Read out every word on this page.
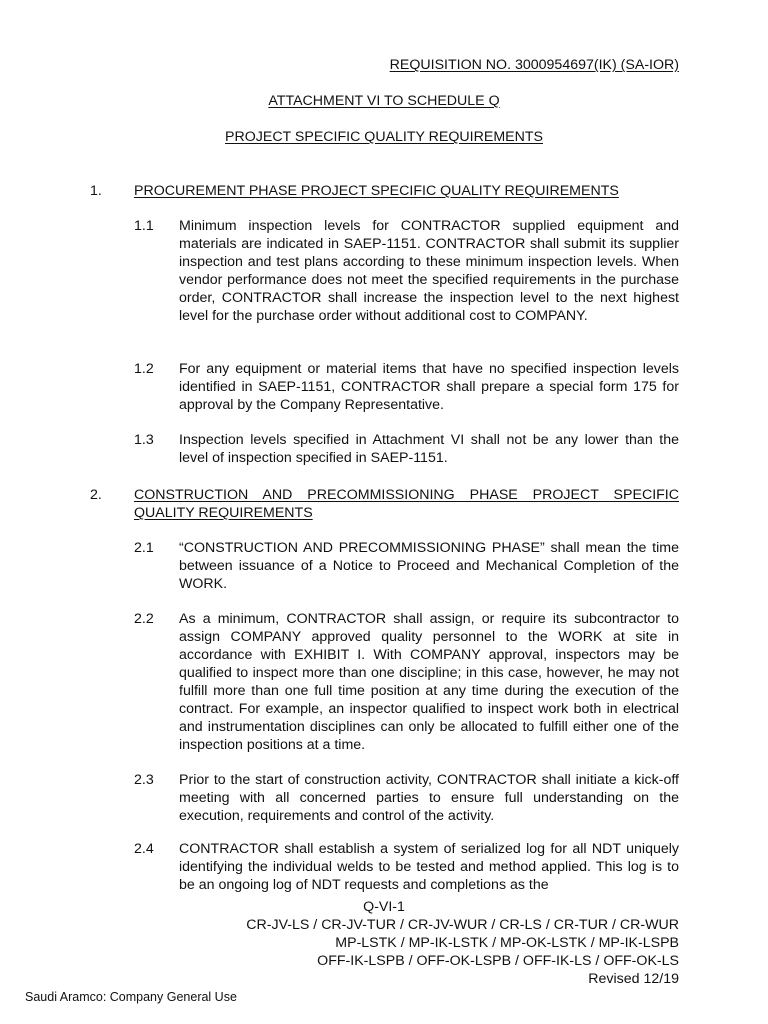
REQUISITION NO. 3000954697(IK) (SA-IOR)
ATTACHMENT VI TO SCHEDULE Q
PROJECT SPECIFIC QUALITY REQUIREMENTS
1. PROCUREMENT PHASE PROJECT SPECIFIC QUALITY REQUIREMENTS
1.1 Minimum inspection levels for CONTRACTOR supplied equipment and materials are indicated in SAEP-1151. CONTRACTOR shall submit its supplier inspection and test plans according to these minimum inspection levels. When vendor performance does not meet the specified requirements in the purchase order, CONTRACTOR shall increase the inspection level to the next highest level for the purchase order without additional cost to COMPANY.
1.2 For any equipment or material items that have no specified inspection levels identified in SAEP-1151, CONTRACTOR shall prepare a special form 175 for approval by the Company Representative.
1.3 Inspection levels specified in Attachment VI shall not be any lower than the level of inspection specified in SAEP-1151.
2. CONSTRUCTION AND PRECOMMISSIONING PHASE PROJECT SPECIFIC QUALITY REQUIREMENTS
2.1 “CONSTRUCTION AND PRECOMMISSIONING PHASE” shall mean the time between issuance of a Notice to Proceed and Mechanical Completion of the WORK.
2.2 As a minimum, CONTRACTOR shall assign, or require its subcontractor to assign COMPANY approved quality personnel to the WORK at site in accordance with EXHIBIT I. With COMPANY approval, inspectors may be qualified to inspect more than one discipline; in this case, however, he may not fulfill more than one full time position at any time during the execution of the contract. For example, an inspector qualified to inspect work both in electrical and instrumentation disciplines can only be allocated to fulfill either one of the inspection positions at a time.
2.3 Prior to the start of construction activity, CONTRACTOR shall initiate a kick-off meeting with all concerned parties to ensure full understanding on the execution, requirements and control of the activity.
2.4 CONTRACTOR shall establish a system of serialized log for all NDT uniquely identifying the individual welds to be tested and method applied. This log is to be an ongoing log of NDT requests and completions as the
Q-VI-1
CR-JV-LS / CR-JV-TUR / CR-JV-WUR / CR-LS / CR-TUR / CR-WUR
MP-LSTK / MP-IK-LSTK / MP-OK-LSTK / MP-IK-LSPB
OFF-IK-LSPB / OFF-OK-LSPB / OFF-IK-LS / OFF-OK-LS
Revised 12/19
Saudi Aramco: Company General Use
